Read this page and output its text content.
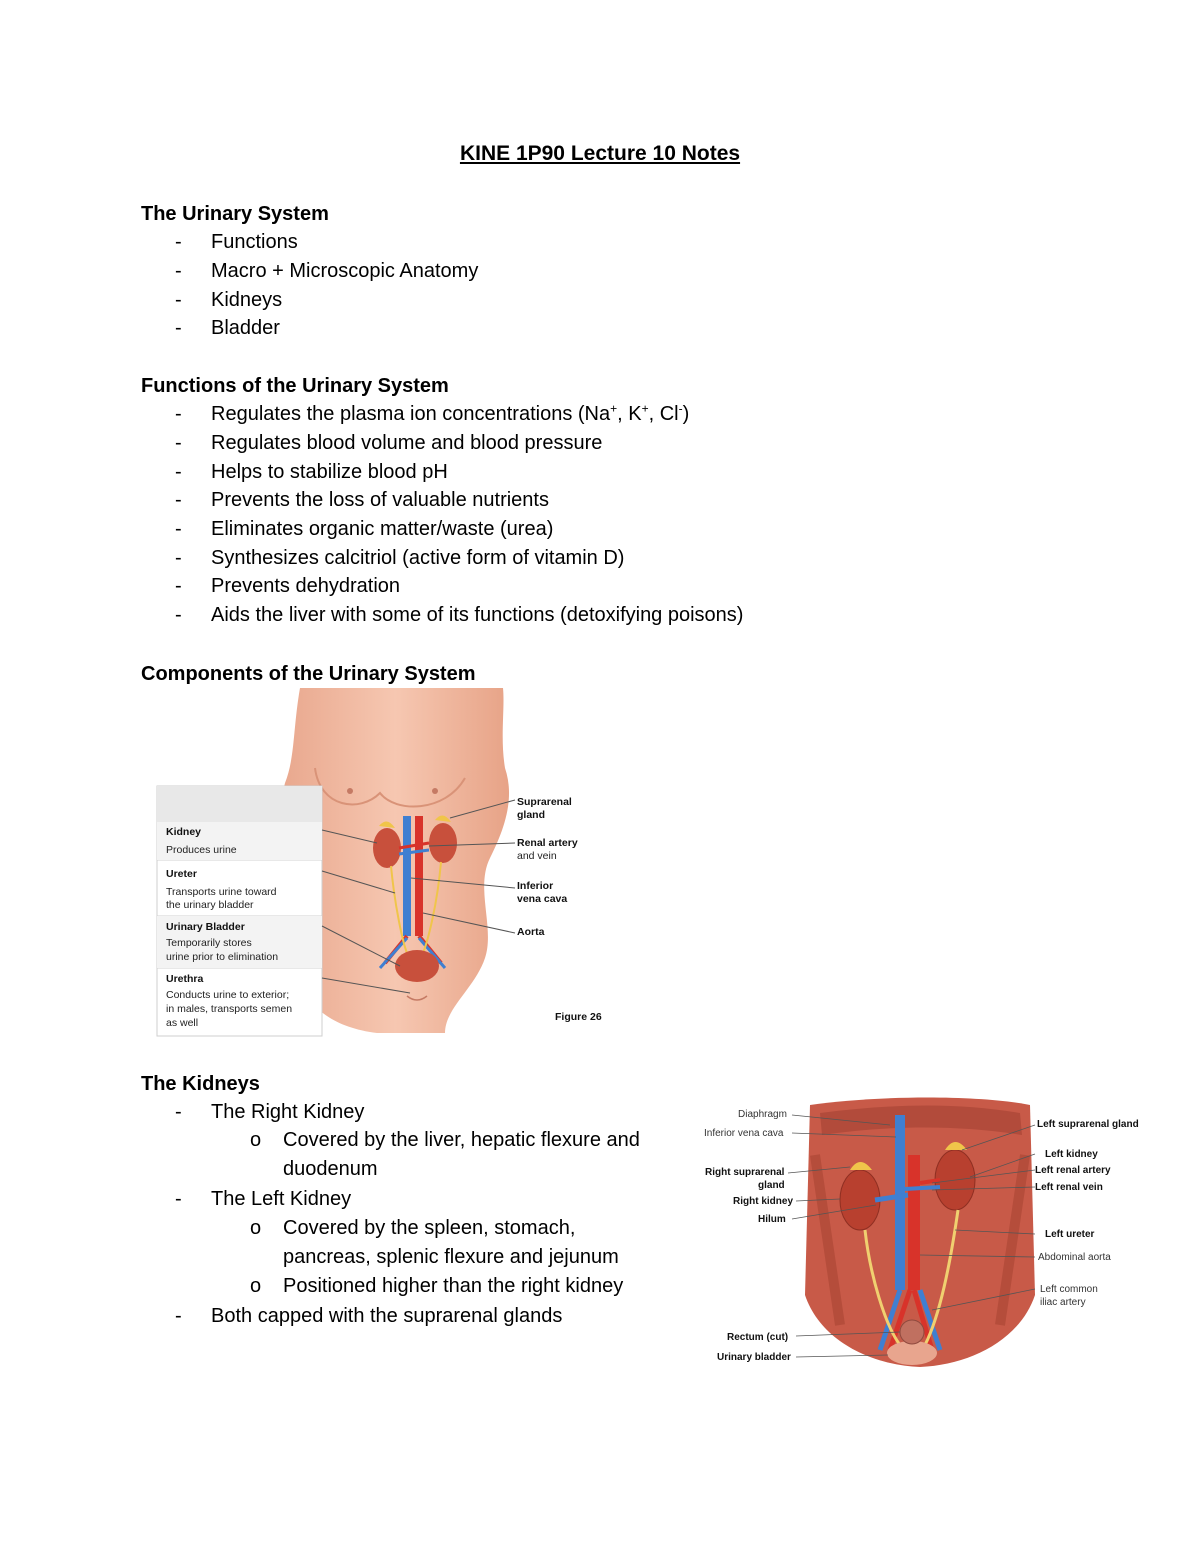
KINE 1P90 Lecture 10 Notes
The Urinary System
- Functions
- Macro + Microscopic Anatomy
- Kidneys
- Bladder
Functions of the Urinary System
- Regulates the plasma ion concentrations (Na+, K+, Cl-)
- Regulates blood volume and blood pressure
- Helps to stabilize blood pH
- Prevents the loss of valuable nutrients
- Eliminates organic matter/waste (urea)
- Synthesizes calcitriol (active form of vitamin D)
- Prevents dehydration
- Aids the liver with some of its functions (detoxifying poisons)
Components of the Urinary System
Kidney
Produces urine
Ureter
Transports urine toward
the urinary bladder
Urinary Bladder
Temporarily stores
urine prior to elimination
Urethra
Conducts urine to exterior;
in males, transports semen
as well
Suprarenal
gland
Renal artery
and vein
Inferior
vena cava
Aorta
Figure 26
The Kidneys
- The Right Kidney
o Covered by the liver, hepatic flexure and
duodenum
- The Left Kidney
o Covered by the spleen, stomach,
pancreas, splenic flexure and jejunum
o Positioned higher than the right kidney
- Both capped with the suprarenal glands
Diaphragm
Inferior vena cava
Right suprarenal
gland
Right kidney
Hilum
Rectum (cut)
Urinary bladder
Left suprarenal gland
Left kidney
Left renal artery
Left renal vein
Left ureter
Abdominal aorta
Left common
iliac artery
